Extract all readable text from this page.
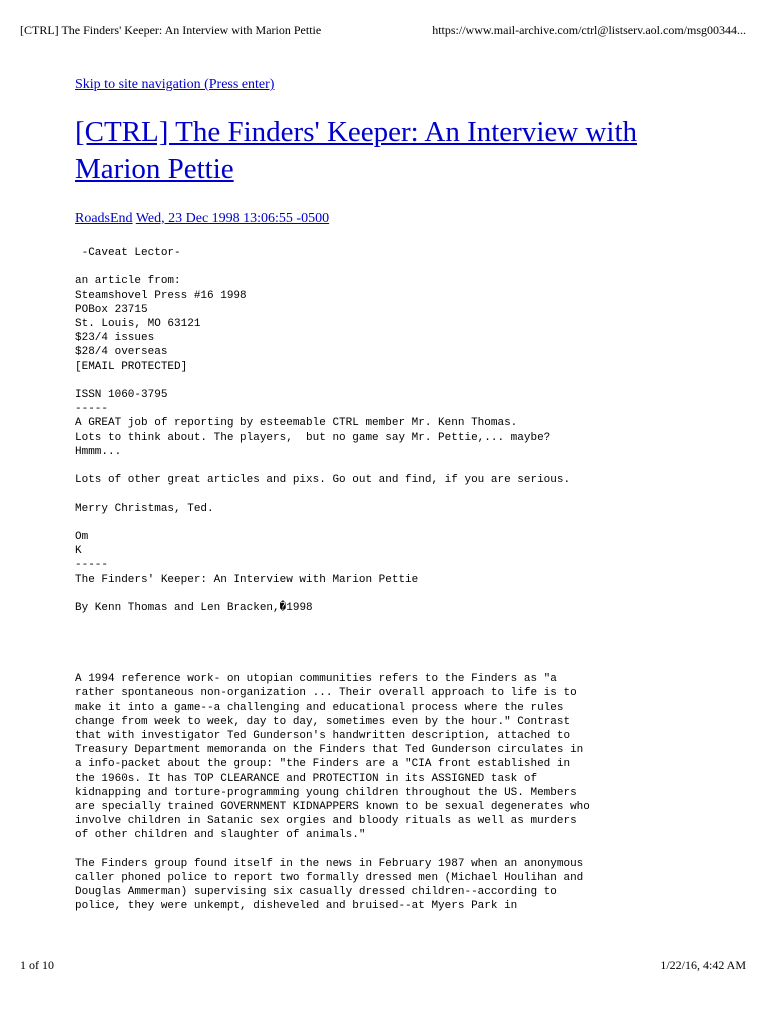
[CTRL] The Finders' Keeper: An Interview with Marion Pettie	https://www.mail-archive.com/ctrl@listserv.aol.com/msg00344...
Skip to site navigation (Press enter)
[CTRL] The Finders' Keeper: An Interview with Marion Pettie
RoadsEnd Wed, 23 Dec 1998 13:06:55 -0500
-Caveat Lector-

an article from:
Steamshovel Press #16 1998
POBox 23715
St. Louis, MO 63121
$23/4 issues
$28/4 overseas
[EMAIL PROTECTED]

ISSN 1060-3795
-----
A GREAT job of reporting by esteemable CTRL member Mr. Kenn Thomas.
Lots to think about. The players,  but no game say Mr. Pettie,... maybe?
Hmmm...

Lots of other great articles and pixs. Go out and find, if you are serious.

Merry Christmas, Ted.

Om
K
-----
The Finders' Keeper: An Interview with Marion Pettie

By Kenn Thomas and Len Bracken,�1998

A 1994 reference work- on utopian communities refers to the Finders as "a
rather spontaneous non-organization ... Their overall approach to life is to
make it into a game--a challenging and educational process where the rules
change from week to week, day to day, sometimes even by the hour." Contrast
that with investigator Ted Gunderson's handwritten description, attached to
Treasury Department memoranda on the Finders that Ted Gunderson circulates in
a info-packet about the group: "the Finders are a "CIA front established in
the 1960s. It has TOP CLEARANCE and PROTECTION in its ASSIGNED task of
kidnapping and torture-programming young children throughout the US. Members
are specially trained GOVERNMENT KIDNAPPERS known to be sexual degenerates who
involve children in Satanic sex orgies and bloody rituals as well as murders
of other children and slaughter of animals."

The Finders group found itself in the news in February 1987 when an anonymous
caller phoned police to report two formally dressed men (Michael Houlihan and
Douglas Ammerman) supervising six casually dressed children--according to
police, they were unkempt, disheveled and bruised--at Myers Park in
1 of 10	1/22/16, 4:42 AM
